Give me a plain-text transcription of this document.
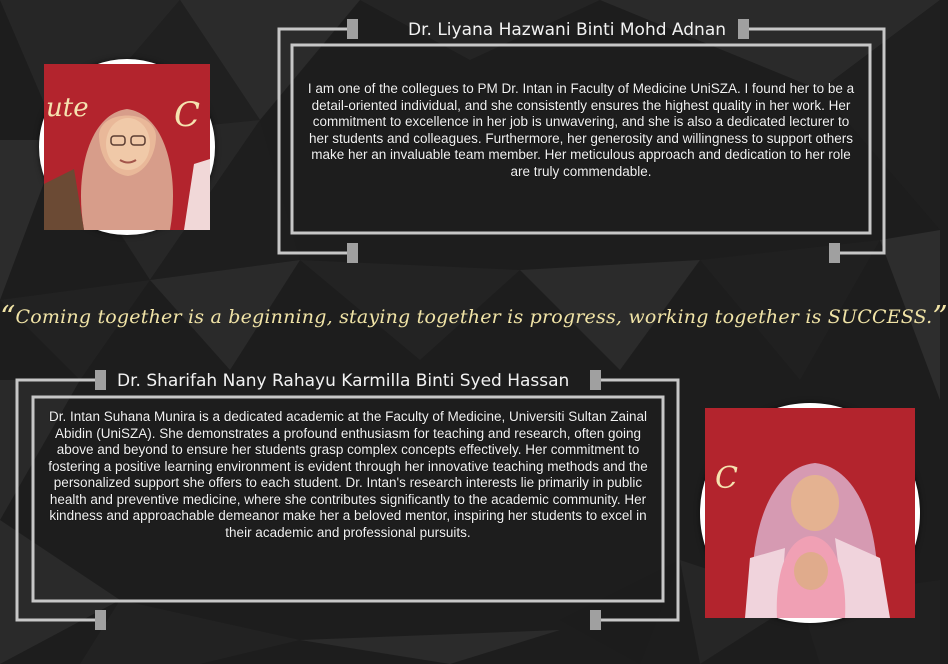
ute	C
Dr. Liyana Hazwani Binti Mohd Adnan
I am one of the collegues to PM Dr. Intan in Faculty of Medicine UniSZA. I found her to be a detail-oriented individual, and she consistently ensures the highest quality in her work. Her commitment to excellence in her job is unwavering, and she is also a dedicated lecturer to her students and colleagues. Furthermore, her generosity and willingness to support others make her an invaluable team member. Her meticulous approach and dedication to her role are truly commendable.
“Coming together is a beginning, staying together is progress, working together is SUCCESS.”
Dr. Sharifah Nany Rahayu Karmilla Binti Syed Hassan
Dr. Intan Suhana Munira is a dedicated academic at the Faculty of Medicine, Universiti Sultan Zainal Abidin (UniSZA). She demonstrates a profound enthusiasm for teaching and research, often going above and beyond to ensure her students grasp complex concepts effectively. Her commitment to fostering a positive learning environment is evident through her innovative teaching methods and the personalized support she offers to each student. Dr. Intan's research interests lie primarily in public health and preventive medicine, where she contributes significantly to the academic community. Her kindness and approachable demeanor make her a beloved mentor, inspiring her students to excel in their academic and professional pursuits.
C
